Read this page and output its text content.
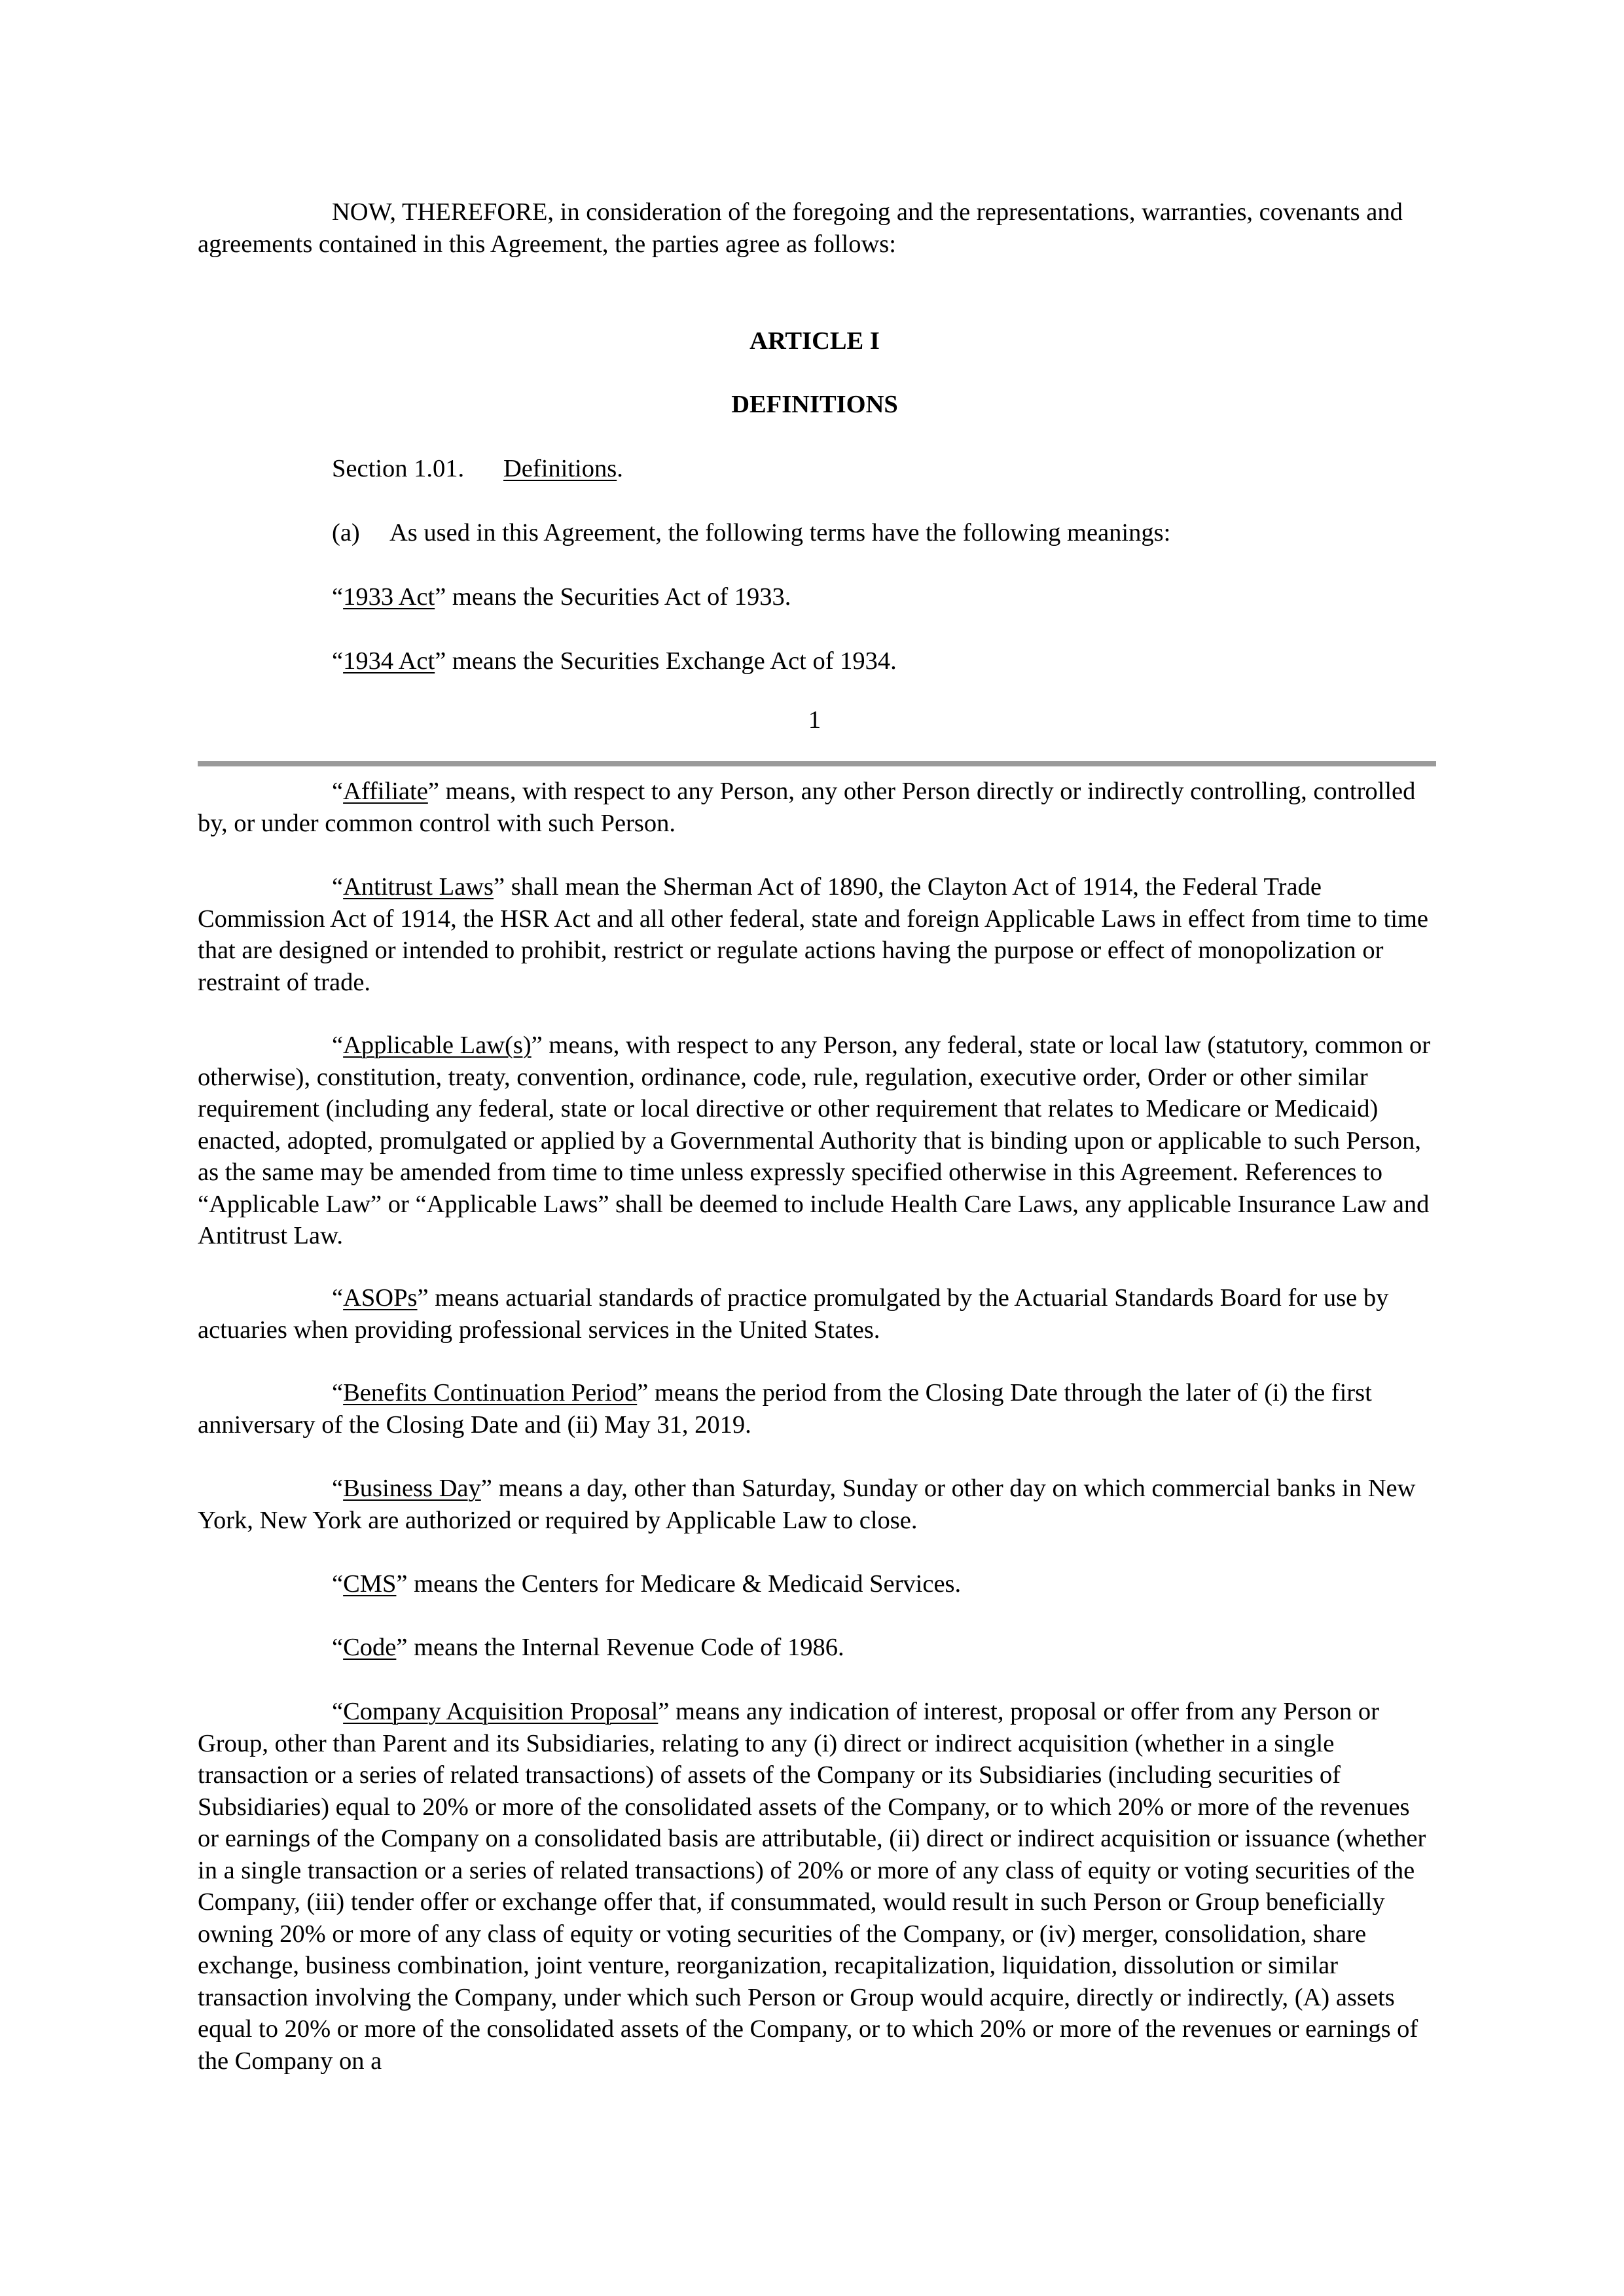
NOW, THEREFORE, in consideration of the foregoing and the representations, warranties, covenants and agreements contained in this Agreement, the parties agree as follows:

ARTICLE I

DEFINITIONS

Section 1.01. Definitions.

(a) As used in this Agreement, the following terms have the following meanings:

“1933 Act” means the Securities Act of 1933.

“1934 Act” means the Securities Exchange Act of 1934.

1

“Affiliate” means, with respect to any Person, any other Person directly or indirectly controlling, controlled by, or under common control with such Person.

“Antitrust Laws” shall mean the Sherman Act of 1890, the Clayton Act of 1914, the Federal Trade Commission Act of 1914, the HSR Act and all other federal, state and foreign Applicable Laws in effect from time to time that are designed or intended to prohibit, restrict or regulate actions having the purpose or effect of monopolization or restraint of trade.

“Applicable Law(s)” means, with respect to any Person, any federal, state or local law (statutory, common or otherwise), constitution, treaty, convention, ordinance, code, rule, regulation, executive order, Order or other similar requirement (including any federal, state or local directive or other requirement that relates to Medicare or Medicaid) enacted, adopted, promulgated or applied by a Governmental Authority that is binding upon or applicable to such Person, as the same may be amended from time to time unless expressly specified otherwise in this Agreement. References to “Applicable Law” or “Applicable Laws” shall be deemed to include Health Care Laws, any applicable Insurance Law and Antitrust Law.

“ASOPs” means actuarial standards of practice promulgated by the Actuarial Standards Board for use by actuaries when providing professional services in the United States.

“Benefits Continuation Period” means the period from the Closing Date through the later of (i) the first anniversary of the Closing Date and (ii) May 31, 2019.

“Business Day” means a day, other than Saturday, Sunday or other day on which commercial banks in New York, New York are authorized or required by Applicable Law to close.

“CMS” means the Centers for Medicare & Medicaid Services.

“Code” means the Internal Revenue Code of 1986.

“Company Acquisition Proposal” means any indication of interest, proposal or offer from any Person or Group, other than Parent and its Subsidiaries, relating to any (i) direct or indirect acquisition (whether in a single transaction or a series of related transactions) of assets of the Company or its Subsidiaries (including securities of Subsidiaries) equal to 20% or more of the consolidated assets of the Company, or to which 20% or more of the revenues or earnings of the Company on a consolidated basis are attributable, (ii) direct or indirect acquisition or issuance (whether in a single transaction or a series of related transactions) of 20% or more of any class of equity or voting securities of the Company, (iii) tender offer or exchange offer that, if consummated, would result in such Person or Group beneficially owning 20% or more of any class of equity or voting securities of the Company, or (iv) merger, consolidation, share exchange, business combination, joint venture, reorganization, recapitalization, liquidation, dissolution or similar transaction involving the Company, under which such Person or Group would acquire, directly or indirectly, (A) assets equal to 20% or more of the consolidated assets of the Company, or to which 20% or more of the revenues or earnings of the Company on a
